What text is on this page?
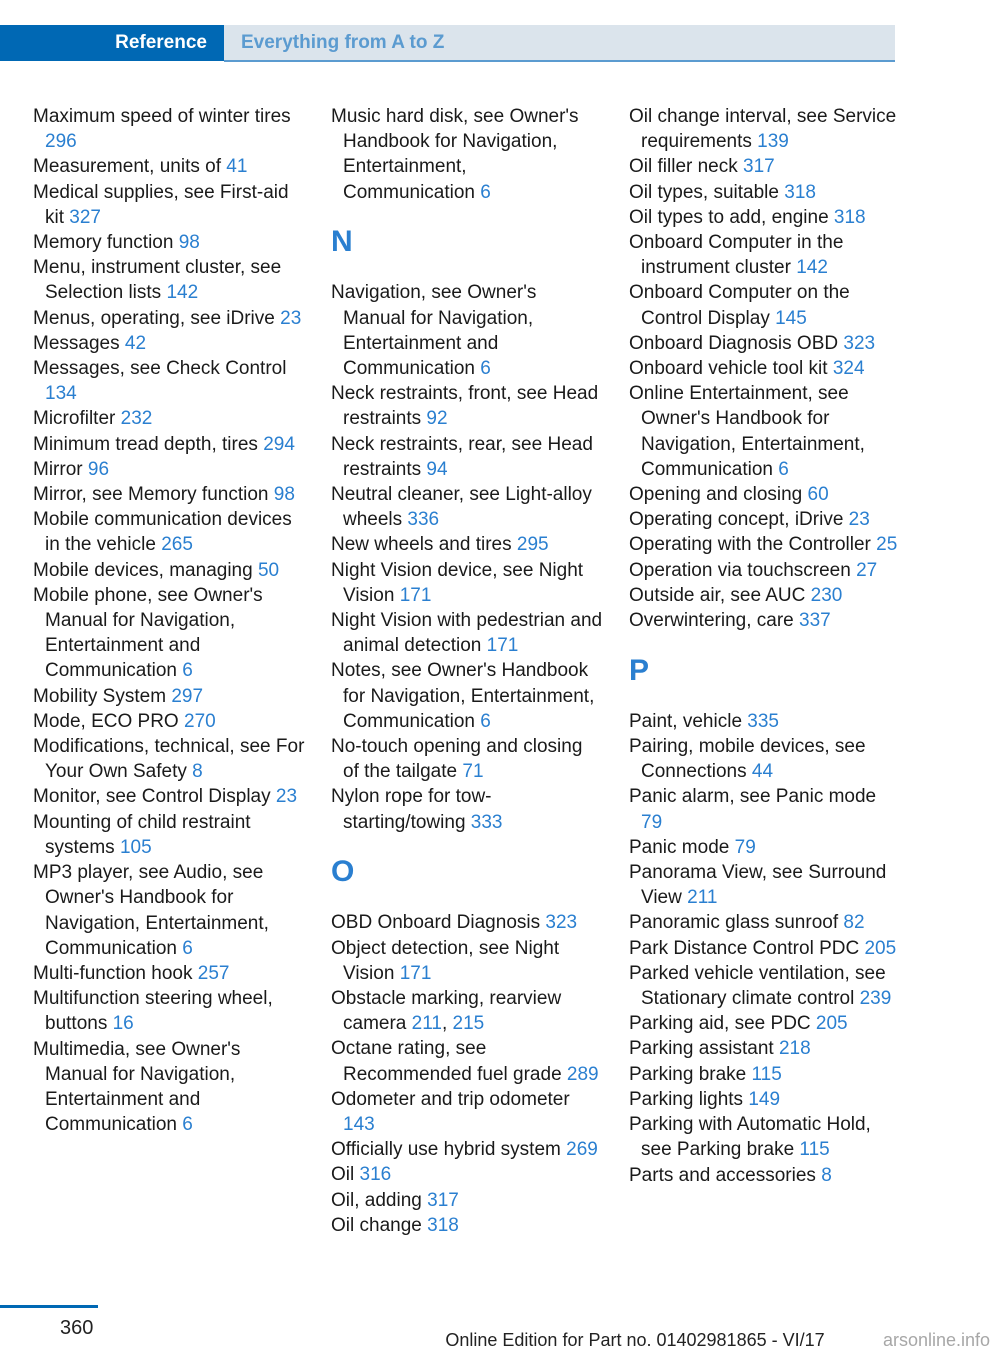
Reference	Everything from A to Z
Maximum speed of winter tires 296
Measurement, units of 41
Medical supplies, see First-aid kit 327
Memory function 98
Menu, instrument cluster, see Selection lists 142
Menus, operating, see iDrive 23
Messages 42
Messages, see Check Control 134
Microfilter 232
Minimum tread depth, tires 294
Mirror 96
Mirror, see Memory function 98
Mobile communication devices in the vehicle 265
Mobile devices, managing 50
Mobile phone, see Owner's Manual for Navigation, Entertainment and Communication 6
Mobility System 297
Mode, ECO PRO 270
Modifications, technical, see For Your Own Safety 8
Monitor, see Control Display 23
Mounting of child restraint systems 105
MP3 player, see Audio, see Owner's Handbook for Navigation, Entertainment, Communication 6
Multi-function hook 257
Multifunction steering wheel, buttons 16
Multimedia, see Owner's Manual for Navigation, Entertainment and Communication 6
Music hard disk, see Owner's Handbook for Navigation, Entertainment, Communication 6
N
Navigation, see Owner's Manual for Navigation, Entertainment and Communication 6
Neck restraints, front, see Head restraints 92
Neck restraints, rear, see Head restraints 94
Neutral cleaner, see Light-alloy wheels 336
New wheels and tires 295
Night Vision device, see Night Vision 171
Night Vision with pedestrian and animal detection 171
Notes, see Owner's Handbook for Navigation, Entertainment, Communication 6
No-touch opening and closing of the tailgate 71
Nylon rope for tow-starting/towing 333
O
OBD Onboard Diagnosis 323
Object detection, see Night Vision 171
Obstacle marking, rearview camera 211, 215
Octane rating, see Recommended fuel grade 289
Odometer and trip odometer 143
Officially use hybrid system 269
Oil 316
Oil, adding 317
Oil change 318
Oil change interval, see Service requirements 139
Oil filler neck 317
Oil types, suitable 318
Oil types to add, engine 318
Onboard Computer in the instrument cluster 142
Onboard Computer on the Control Display 145
Onboard Diagnosis OBD 323
Onboard vehicle tool kit 324
Online Entertainment, see Owner's Handbook for Navigation, Entertainment, Communication 6
Opening and closing 60
Operating concept, iDrive 23
Operating with the Controller 25
Operation via touchscreen 27
Outside air, see AUC 230
Overwintering, care 337
P
Paint, vehicle 335
Pairing, mobile devices, see Connections 44
Panic alarm, see Panic mode 79
Panic mode 79
Panorama View, see Surround View 211
Panoramic glass sunroof 82
Park Distance Control PDC 205
Parked vehicle ventilation, see Stationary climate control 239
Parking aid, see PDC 205
Parking assistant 218
Parking brake 115
Parking lights 149
Parking with Automatic Hold, see Parking brake 115
Parts and accessories 8
360
Online Edition for Part no. 01402981865 - VI/17	arsonline.info
